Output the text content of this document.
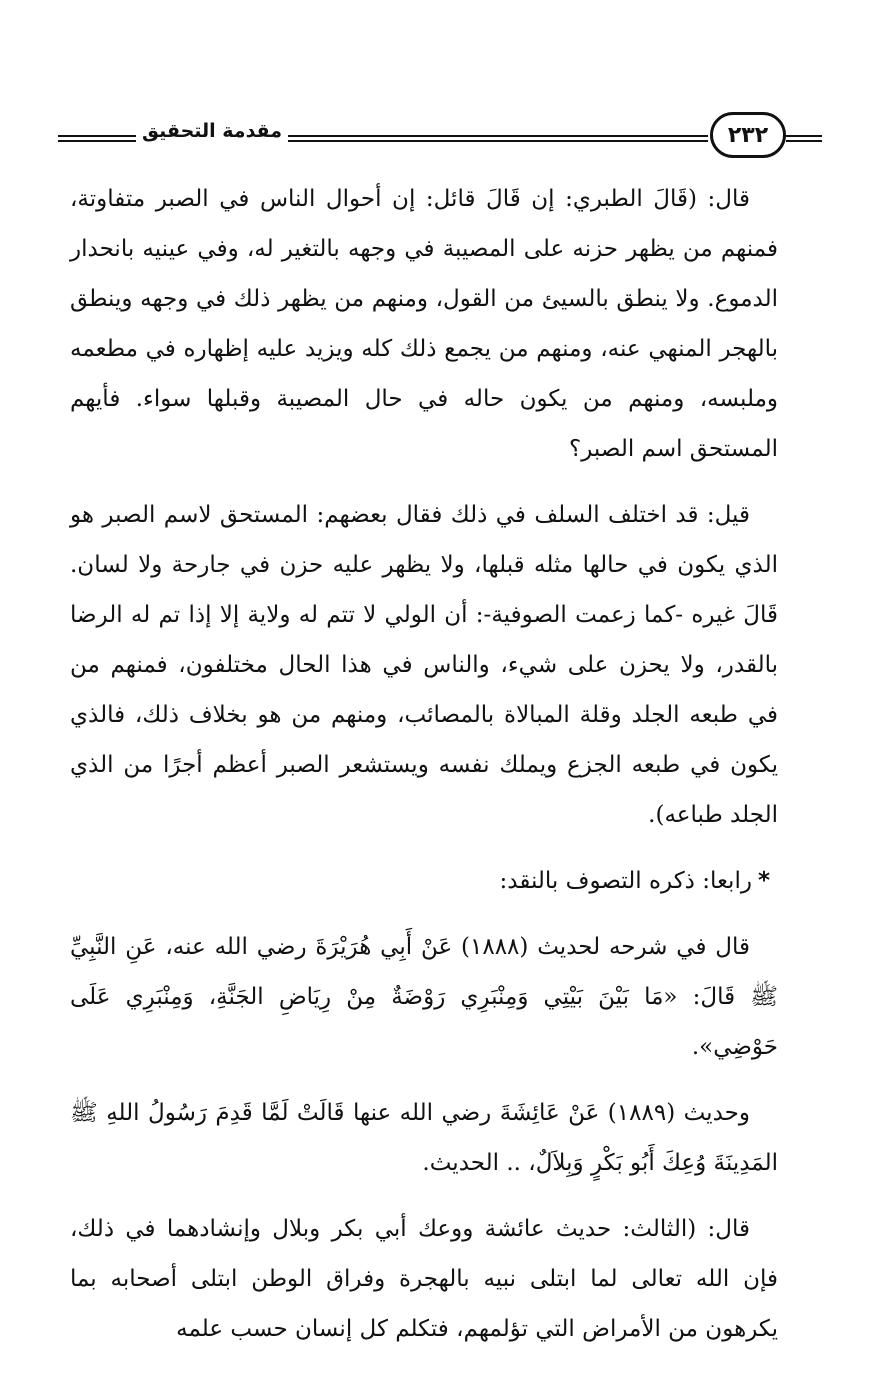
مقدمة التحقيق	٢٣٢

قال: (قَالَ الطبري: إن قَالَ قائل: إن أحوال الناس في الصبر متفاوتة، فمنهم من يظهر حزنه على المصيبة في وجهه بالتغير له، وفي عينيه بانحدار الدموع. ولا ينطق بالسيئ من القول، ومنهم من يظهر ذلك في وجهه وينطق بالهجر المنهي عنه، ومنهم من يجمع ذلك كله ويزيد عليه إظهاره في مطعمه وملبسه، ومنهم من يكون حاله في حال المصيبة وقبلها سواء. فأيهم المستحق اسم الصبر؟

قيل: قد اختلف السلف في ذلك فقال بعضهم: المستحق لاسم الصبر هو الذي يكون في حالها مثله قبلها، ولا يظهر عليه حزن في جارحة ولا لسان. قَالَ غيره -كما زعمت الصوفية-: أن الولي لا تتم له ولاية إلا إذا تم له الرضا بالقدر، ولا يحزن على شيء، والناس في هذا الحال مختلفون، فمنهم من في طبعه الجلد وقلة المبالاة بالمصائب، ومنهم من هو بخلاف ذلك، فالذي يكون في طبعه الجزع ويملك نفسه ويستشعر الصبر أعظم أجرًا من الذي الجلد طباعه).

*رابعا: ذكره التصوف بالنقد:

قال في شرحه لحديث (١٨٨٨) عَنْ أَبِي هُرَيْرَةَ رضي الله عنه، عَنِ النَّبِيِّ ﷺ قَالَ: «مَا بَيْنَ بَيْتِي وَمِنْبَرِي رَوْضَةٌ مِنْ رِيَاضِ الجَنَّةِ، وَمِنْبَرِي عَلَى حَوْضِي».

وحديث (١٨٨٩) عَنْ عَائِشَةَ رضي الله عنها قَالَتْ لَمَّا قَدِمَ رَسُولُ اللهِ ﷺ المَدِينَةَ وُعِكَ أَبُو بَكْرٍ وَبِلاَلٌ، .. الحديث.

قال: (الثالث: حديث عائشة ووعك أبي بكر وبلال وإنشادهما في ذلك، فإن الله تعالى لما ابتلى نبيه بالهجرة وفراق الوطن ابتلى أصحابه بما يكرهون من الأمراض التي تؤلمهم، فتكلم كل إنسان حسب علمه
